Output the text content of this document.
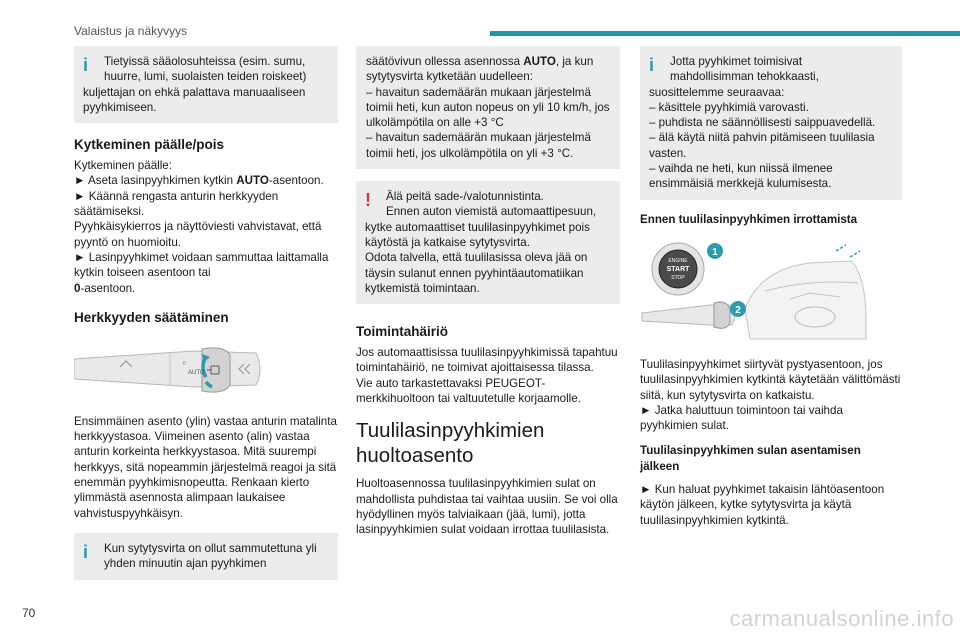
Valaistus ja näkyvyys
i	Tietyissä sääolosuhteissa (esim. sumu,
huurre, lumi, suolaisten teiden roiskeet)
kuljettajan on ehkä palattava manuaaliseen pyyhkimiseen.
Kytkeminen päälle/pois
Kytkeminen päälle:
► Aseta lasinpyyhkimen kytkin AUTO-asentoon.
► Käännä rengasta anturin herkkyyden säätämiseksi.
Pyyhkäisykierros ja näyttöviesti vahvistavat, että pyyntö on huomioitu.
► Lasinpyyhkimet voidaan sammuttaa laittamalla kytkin toiseen asentoon tai
0-asentoon.
Herkkyyden säätäminen
AUTO
0
Ensimmäinen asento (ylin) vastaa anturin matalinta herkkyystasoa. Viimeinen asento (alin) vastaa anturin korkeinta herkkyystasoa. Mitä suurempi herkkyys, sitä nopeammin järjestelmä reagoi ja sitä enemmän pyyhkimisnopeutta. Renkaan kierto ylimmästä asennosta alimpaan laukaisee vahvistuspyyhkäisyn.
i	Kun sytytysvirta on ollut sammutettuna yli
yhden minuutin ajan pyyhkimen
säätövivun ollessa asennossa AUTO, ja kun sytytysvirta kytketään uudelleen:
– havaitun sademäärän mukaan järjestelmä toimii heti, kun auton nopeus on yli 10 km/h, jos ulkolämpötila on alle +3 °C
– havaitun sademäärän mukaan järjestelmä toimii heti, jos ulkolämpötila on yli +3 °C.
!	Älä peitä sade-/valotunnistinta.
Ennen auton viemistä automaattipesuun,
kytke automaattiset tuulilasinpyyhkimet pois käytöstä ja katkaise sytytysvirta.
Odota talvella, että tuulilasissa oleva jää on täysin sulanut ennen pyyhintäautomatiikan kytkemistä toimintaan.
Toimintahäiriö
Jos automaattisissa tuulilasinpyyhkimissä tapahtuu toimintahäiriö, ne toimivat ajoittaisessa tilassa.
Vie auto tarkastettavaksi PEUGEOT-merkkihuoltoon tai valtuutetulle korjaamolle.
Tuulilasinpyyhkimien huoltoasento
Huoltoasennossa tuulilasinpyyhkimien sulat on mahdollista puhdistaa tai vaihtaa uusiin. Se voi olla hyödyllinen myös talviaikaan (jää, lumi), jotta lasinpyyhkimien sulat voidaan irrottaa tuulilasista.
i	Jotta pyyhkimet toimisivat
mahdollisimman tehokkaasti,
suosittelemme seuraavaa:
– käsittele pyyhkimiä varovasti.
– puhdista ne säännöllisesti saippuavedellä.
– älä käytä niitä pahvin pitämiseen tuulilasia vasten.
– vaihda ne heti, kun niissä ilmenee ensimmäisiä merkkejä kulumisesta.
Ennen tuulilasinpyyhkimen irrottamista
ENGINE
START
STOP
1
2
Tuulilasinpyyhkimet siirtyvät pystyasentoon, jos tuulilasinpyyhkimien kytkintä käytetään välittömästi siitä, kun sytytysvirta on katkaistu.
► Jatka haluttuun toimintoon tai vaihda pyyhkimien sulat.
Tuulilasinpyyhkimen sulan asentamisen jälkeen
► Kun haluat pyyhkimet takaisin lähtöasentoon käytön jälkeen, kytke sytytysvirta ja käytä tuulilasinpyyhkimien kytkintä.
70	carmanualsonline.info
